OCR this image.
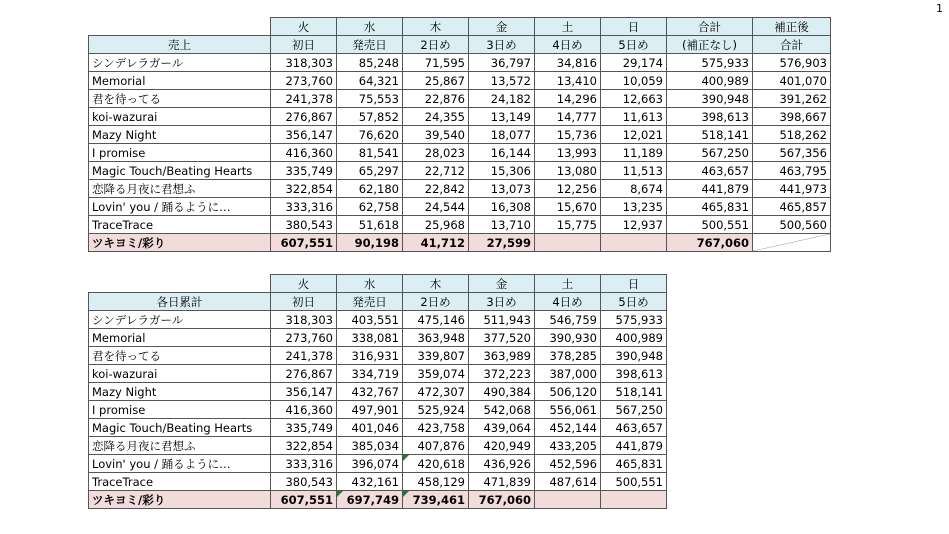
1
	火	水	木	金	土	日	合計	補正後
売上	初日	発売日	2日め	3日め	4日め	5日め	(補正なし)	合計
シンデレラガール	318,303	85,248	71,595	36,797	34,816	29,174	575,933	576,903
Memorial	273,760	64,321	25,867	13,572	13,410	10,059	400,989	401,070
君を待ってる	241,378	75,553	22,876	24,182	14,296	12,663	390,948	391,262
koi-wazurai	276,867	57,852	24,355	13,149	14,777	11,613	398,613	398,667
Mazy Night	356,147	76,620	39,540	18,077	15,736	12,021	518,141	518,262
I promise	416,360	81,541	28,023	16,144	13,993	11,189	567,250	567,356
Magic Touch/Beating Hearts	335,749	65,297	22,712	15,306	13,080	11,513	463,657	463,795
恋降る月夜に君想ふ	322,854	62,180	22,842	13,073	12,256	8,674	441,879	441,973
Lovin' you / 踊るように…	333,316	62,758	24,544	16,308	15,670	13,235	465,831	465,857
TraceTrace	380,543	51,618	25,968	13,710	15,775	12,937	500,551	500,560
ツキヨミ/彩り	607,551	90,198	41,712	27,599			767,060	
	火	水	木	金	土	日
各日累計	初日	発売日	2日め	3日め	4日め	5日め
シンデレラガール	318,303	403,551	475,146	511,943	546,759	575,933
Memorial	273,760	338,081	363,948	377,520	390,930	400,989
君を待ってる	241,378	316,931	339,807	363,989	378,285	390,948
koi-wazurai	276,867	334,719	359,074	372,223	387,000	398,613
Mazy Night	356,147	432,767	472,307	490,384	506,120	518,141
I promise	416,360	497,901	525,924	542,068	556,061	567,250
Magic Touch/Beating Hearts	335,749	401,046	423,758	439,064	452,144	463,657
恋降る月夜に君想ふ	322,854	385,034	407,876	420,949	433,205	441,879
Lovin' you / 踊るように…	333,316	396,074	420,618	436,926	452,596	465,831
TraceTrace	380,543	432,161	458,129	471,839	487,614	500,551
ツキヨミ/彩り	607,551	697,749	739,461	767,060		
